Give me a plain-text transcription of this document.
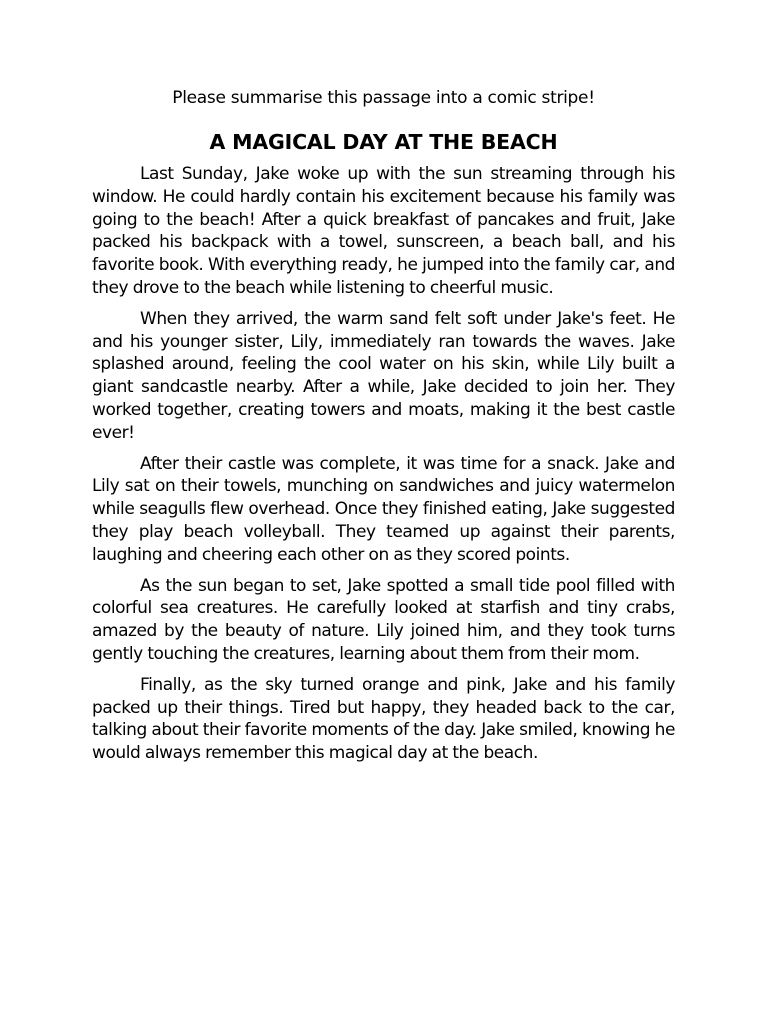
Please summarise this passage into a comic stripe!

A MAGICAL DAY AT THE BEACH

Last Sunday, Jake woke up with the sun streaming through his window. He could hardly contain his excitement because his family was going to the beach! After a quick breakfast of pancakes and fruit, Jake packed his backpack with a towel, sunscreen, a beach ball, and his favorite book. With everything ready, he jumped into the family car, and they drove to the beach while listening to cheerful music.

When they arrived, the warm sand felt soft under Jake's feet. He and his younger sister, Lily, immediately ran towards the waves. Jake splashed around, feeling the cool water on his skin, while Lily built a giant sandcastle nearby. After a while, Jake decided to join her. They worked together, creating towers and moats, making it the best castle ever!

After their castle was complete, it was time for a snack. Jake and Lily sat on their towels, munching on sandwiches and juicy watermelon while seagulls flew overhead. Once they finished eating, Jake suggested they play beach volleyball. They teamed up against their parents, laughing and cheering each other on as they scored points.

As the sun began to set, Jake spotted a small tide pool filled with colorful sea creatures. He carefully looked at starfish and tiny crabs, amazed by the beauty of nature. Lily joined him, and they took turns gently touching the creatures, learning about them from their mom.

Finally, as the sky turned orange and pink, Jake and his family packed up their things. Tired but happy, they headed back to the car, talking about their favorite moments of the day. Jake smiled, knowing he would always remember this magical day at the beach.
